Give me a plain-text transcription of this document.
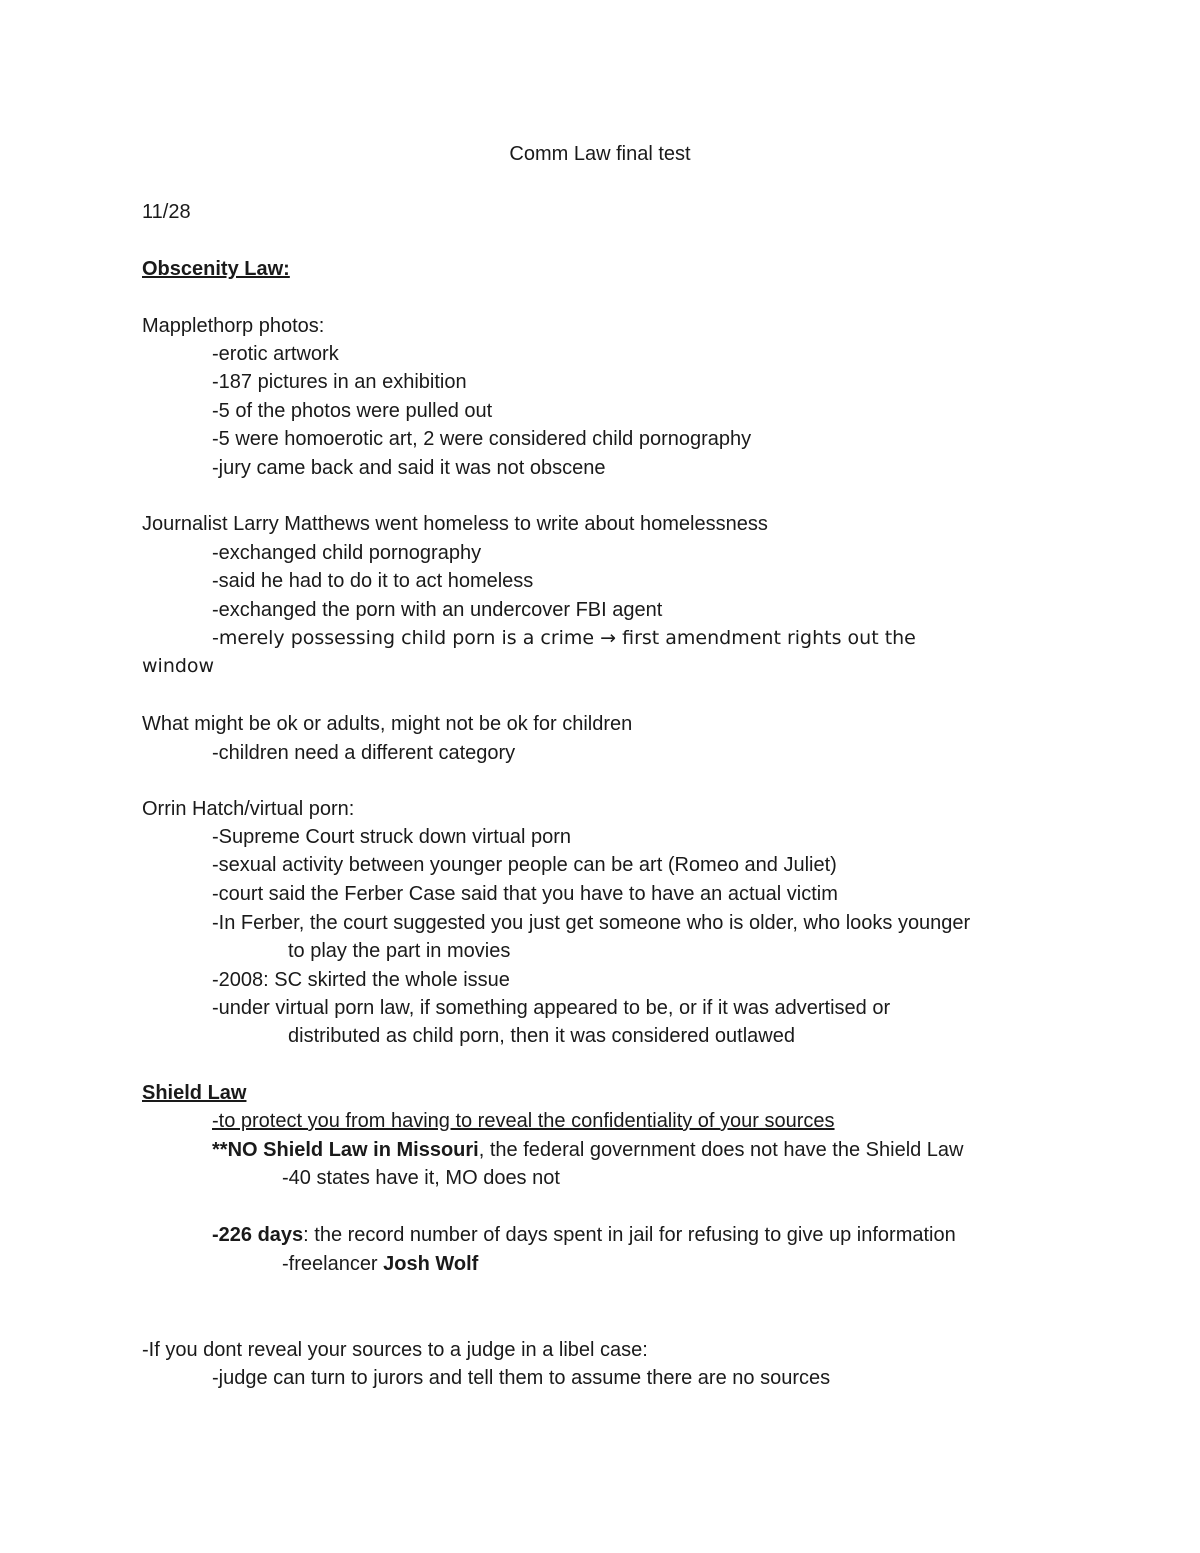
Comm Law final test
11/28
Obscenity Law:
Mapplethorp photos:
-erotic artwork
-187 pictures in an exhibition
-5 of the photos were pulled out
-5 were homoerotic art, 2 were considered child pornography
-jury came back and said it was not obscene
Journalist Larry Matthews went homeless to write about homelessness
-exchanged child pornography
-said he had to do it to act homeless
-exchanged the porn with an undercover FBI agent
-merely possessing child porn is a crime → first amendment rights out the
window
What might be ok or adults, might not be ok for children
-children need a different category
Orrin Hatch/virtual porn:
-Supreme Court struck down virtual porn
-sexual activity between younger people can be art (Romeo and Juliet)
-court said the Ferber Case said that you have to have an actual victim
-In Ferber, the court suggested you just get someone who is older, who looks younger
to play the part in movies
-2008: SC skirted the whole issue
-under virtual porn law, if something appeared to be, or if it was advertised or
distributed as child porn, then it was considered outlawed
Shield Law
-to protect you from having to reveal the confidentiality of your sources
**NO Shield Law in Missouri, the federal government does not have the Shield Law
-40 states have it, MO does not
-226 days: the record number of days spent in jail for refusing to give up information
-freelancer Josh Wolf
-If you dont reveal your sources to a judge in a libel case:
-judge can turn to jurors and tell them to assume there are no sources
